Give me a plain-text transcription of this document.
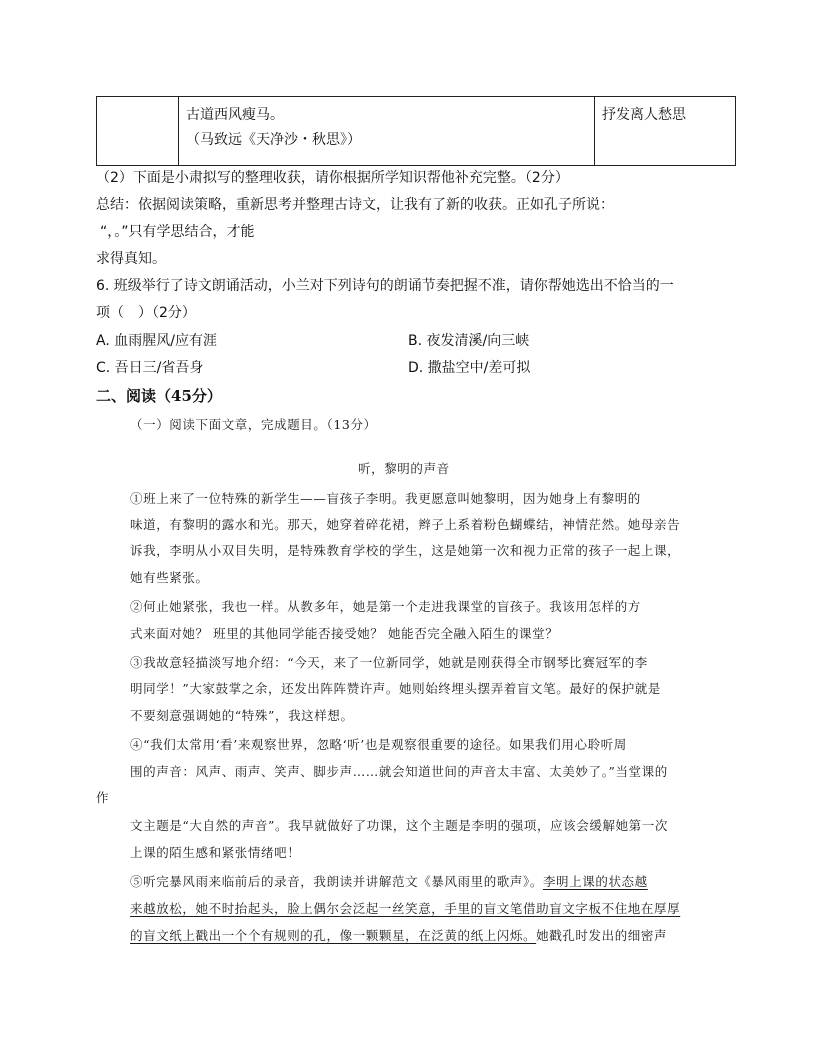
古道西风瘦马。
（马致远《天净沙・秋思》）
抒发离人愁思
（2）下面是小肃拟写的整理收获，请你根据所学知识帮他补充完整。（2分）
总结：依据阅读策略，重新思考并整理古诗文，让我有了新的收获。正如孔子所说：
“，。”只有学思结合，才能
求得真知。
6. 班级举行了诗文朗诵活动，小兰对下列诗句的朗诵节奏把握不准，请你帮她选出不恰当的一
项（　）（2分）
A. 血雨腥风/应有涯	B. 夜发清溪/向三峡
C. 吾日三/省吾身	D. 撒盐空中/差可拟
二、阅读（45分）
（一）阅读下面文章，完成题目。（13分）
听，黎明的声音
①班上来了一位特殊的新学生——盲孩子李明。我更愿意叫她黎明，因为她身上有黎明的
味道，有黎明的露水和光。那天，她穿着碎花裙，辫子上系着粉色蝴蝶结，神情茫然。她母亲告
诉我，李明从小双目失明，是特殊教育学校的学生，这是她第一次和视力正常的孩子一起上课，
她有些紧张。
②何止她紧张，我也一样。从教多年，她是第一个走进我课堂的盲孩子。我该用怎样的方
式来面对她？ 班里的其他同学能否接受她？ 她能否完全融入陌生的课堂？
③我故意轻描淡写地介绍：“今天，来了一位新同学，她就是刚获得全市钢琴比赛冠军的李
明同学！”大家鼓掌之余，还发出阵阵赞许声。她则始终埋头摆弄着盲文笔。最好的保护就是
不要刻意强调她的“特殊”，我这样想。
④“我们太常用‘看’来观察世界，忽略‘听’也是观察很重要的途径。如果我们用心聆听周
围的声音：风声、雨声、笑声、脚步声……就会知道世间的声音太丰富、太美妙了。”当堂课的
作
文主题是“大自然的声音”。我早就做好了功课，这个主题是李明的强项，应该会缓解她第一次
上课的陌生感和紧张情绪吧！
⑤听完暴风雨来临前后的录音，我朗读并讲解范文《暴风雨里的歌声》。李明上课的状态越
来越放松，她不时抬起头，脸上偶尔会泛起一丝笑意，手里的盲文笔借助盲文字板不住地在厚厚
的盲文纸上戳出一个个有规则的孔，像一颗颗星，在泛黄的纸上闪烁。她戳孔时发出的细密声
